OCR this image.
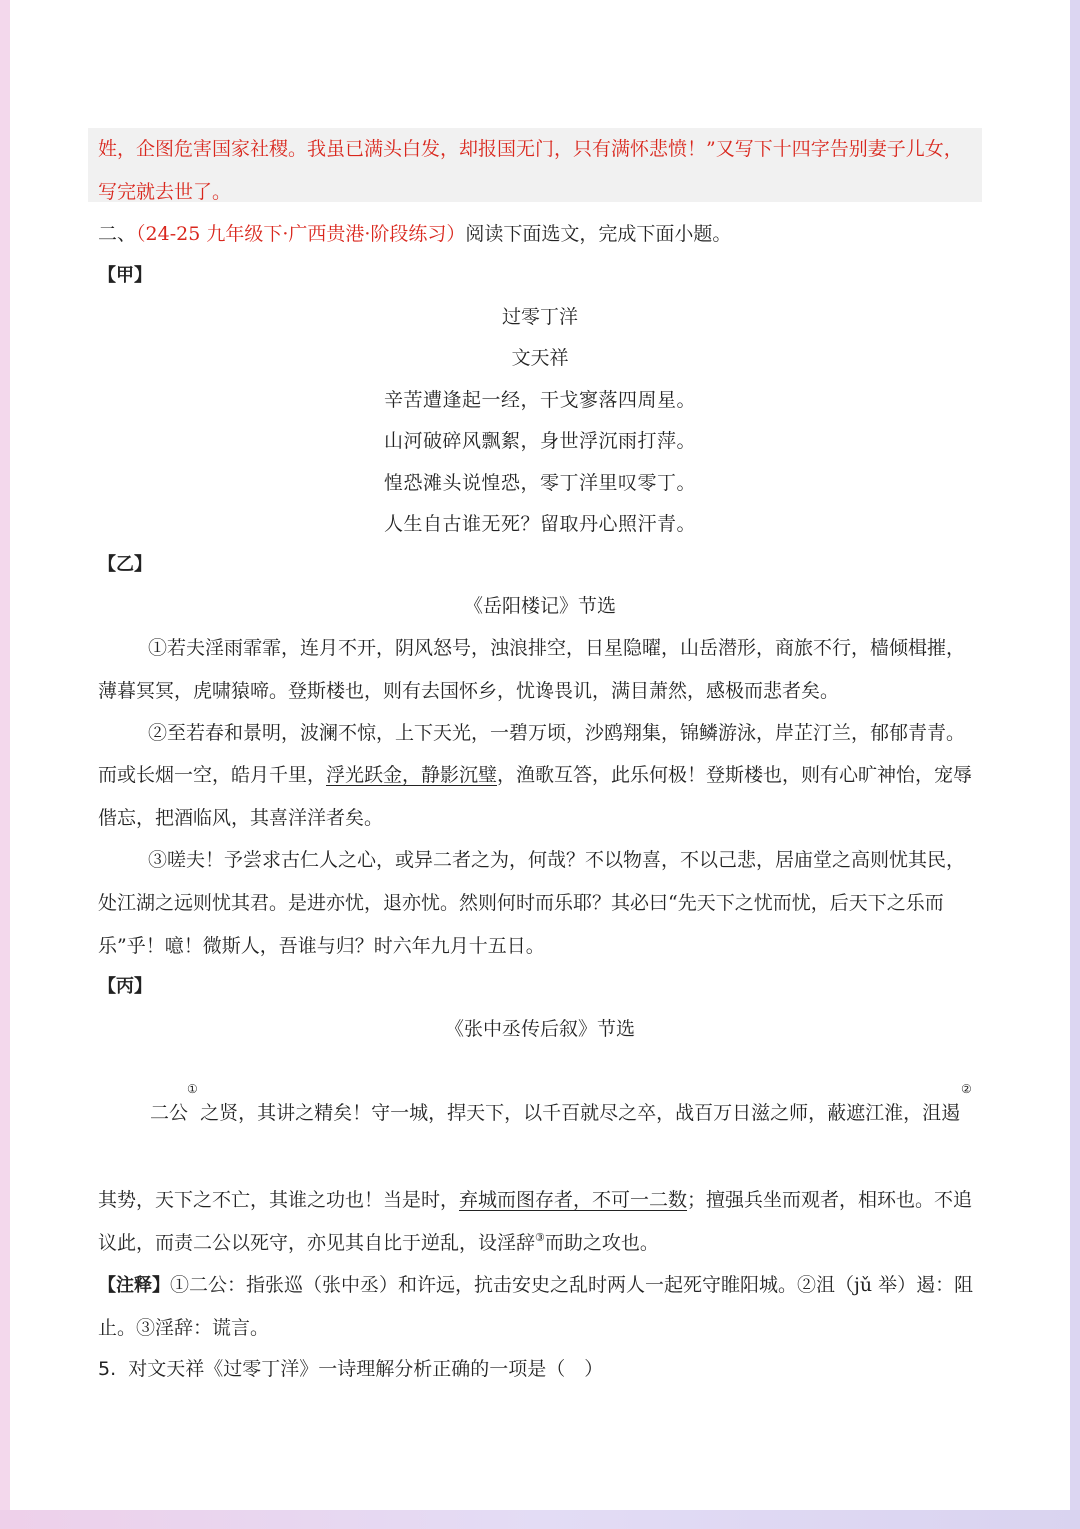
姓，企图危害国家社稷。我虽已满头白发，却报国无门，只有满怀悲愤！”又写下十四字告别妻子儿女，
写完就去世了。
二、（24-25 九年级下·广西贵港·阶段练习）阅读下面选文，完成下面小题。
【甲】
过零丁洋
文天祥
辛苦遭逢起一经，干戈寥落四周星。
山河破碎风飘絮，身世浮沉雨打萍。
惶恐滩头说惶恐，零丁洋里叹零丁。
人生自古谁无死？留取丹心照汗青。
【乙】
《岳阳楼记》节选
①若夫淫雨霏霏，连月不开，阴风怒号，浊浪排空，日星隐曜，山岳潜形，商旅不行，樯倾楫摧，
薄暮冥冥，虎啸猿啼。登斯楼也，则有去国怀乡，忧谗畏讥，满目萧然，感极而悲者矣。
②至若春和景明，波澜不惊，上下天光，一碧万顷，沙鸥翔集，锦鳞游泳，岸芷汀兰，郁郁青青。
而或长烟一空，皓月千里，浮光跃金，静影沉璧，渔歌互答，此乐何极！登斯楼也，则有心旷神怡，宠辱
偕忘，把酒临风，其喜洋洋者矣。
③嗟夫！予尝求古仁人之心，或异二者之为，何哉？不以物喜，不以己悲，居庙堂之高则忧其民，
处江湖之远则忧其君。是进亦忧，退亦忧。然则何时而乐耶？其必曰“先天下之忧而忧，后天下之乐而
乐”乎！噫！微斯人，吾谁与归？时六年九月十五日。
【丙】
《张中丞传后叙》节选
①	②
二公 之贤，其讲之精矣！守一城，捍天下，以千百就尽之卒，战百万日滋之师，蔽遮江淮，沮遏
其势，天下之不亡，其谁之功也！当是时，弃城而图存者，不可一二数；擅强兵坐而观者，相环也。不追
议此，而责二公以死守，亦见其自比于逆乱，设淫辞③而助之攻也。
【注释】①二公：指张巡（张中丞）和许远，抗击安史之乱时两人一起死守睢阳城。②沮（jǔ 举）遏：阻
止。③淫辞：谎言。
5. 对文天祥《过零丁洋》一诗理解分析正确的一项是（　）
